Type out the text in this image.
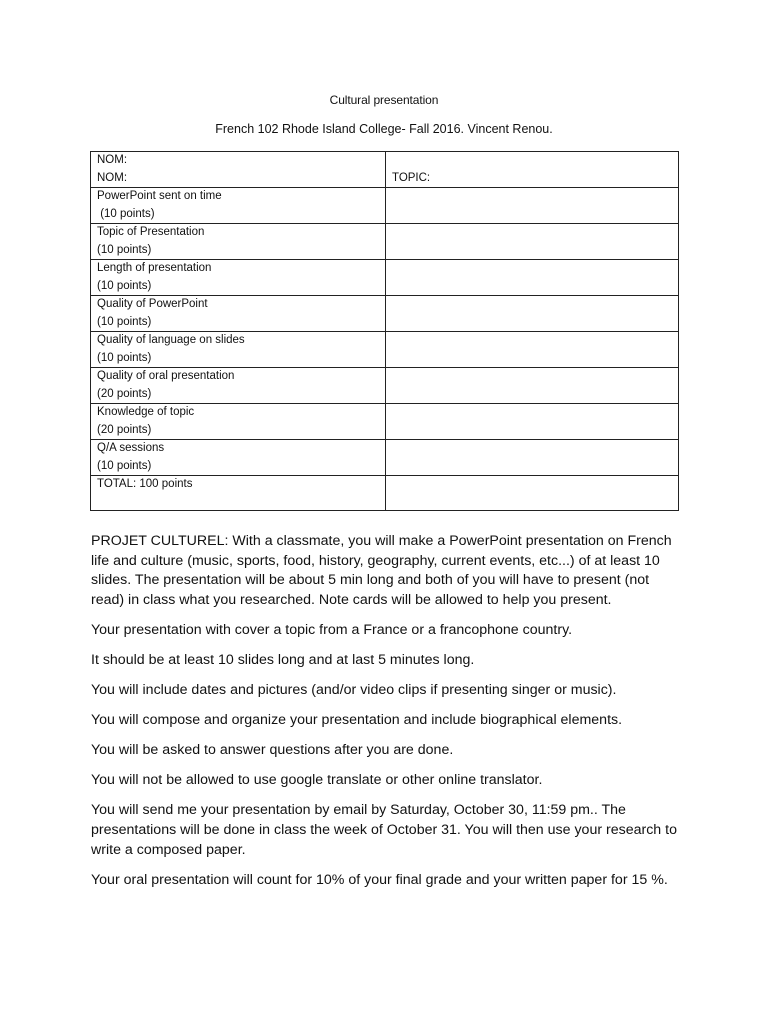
Cultural presentation
French 102 Rhode Island College- Fall 2016. Vincent Renou.
NOM:
NOM:	TOPIC:

PowerPoint sent on time
(10 points)	

Topic of Presentation
(10 points)	

Length of presentation
(10 points)	

Quality of PowerPoint
(10 points)	

Quality of language on slides
(10 points)	

Quality of oral presentation
(20 points)	

Knowledge of topic
(20 points)	

Q/A sessions
(10 points)	

TOTAL: 100 points	

PROJET CULTUREL: With a classmate, you will make a PowerPoint presentation on French life and culture (music, sports, food, history, geography, current events, etc...) of at least 10 slides. The presentation will be about 5 min long and both of you will have to present (not read) in class what you researched. Note cards will be allowed to help you present.

Your presentation with cover a topic from a France or a francophone country.

It should be at least 10 slides long and at last 5 minutes long.

You will include dates and pictures (and/or video clips if presenting singer or music).

You will compose and organize your presentation and include biographical elements.

You will be asked to answer questions after you are done.

You will not be allowed to use google translate or other online translator.

You will send me your presentation by email by Saturday, October 30, 11:59 pm.. The presentations will be done in class the week of October 31. You will then use your research to write a composed paper.

Your oral presentation will count for 10% of your final grade and your written paper for 15 %.
